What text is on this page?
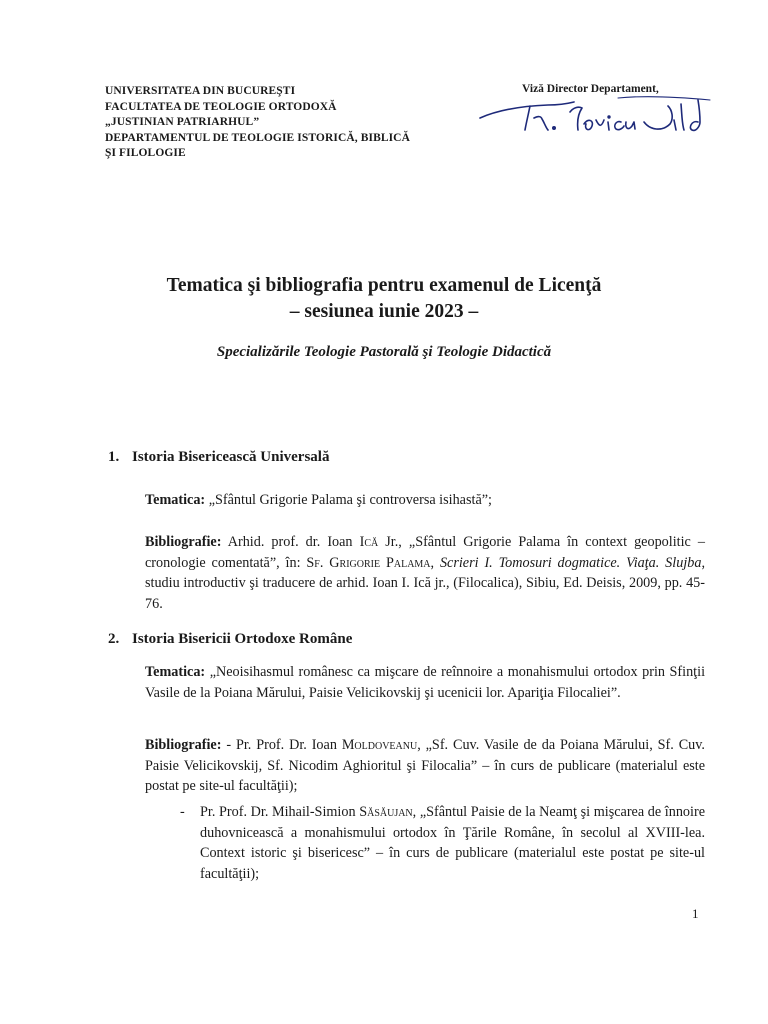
UNIVERSITATEA DIN BUCUREŞTI
FACULTATEA DE TEOLOGIE ORTODOXĂ
„JUSTINIAN PATRIARHUL”
DEPARTAMENTUL DE TEOLOGIE ISTORICĂ, BIBLICĂ
ŞI FILOLOGIE
Viză Director Departament,
Tematica şi bibliografia pentru examenul de Licenţă
– sesiunea iunie 2023 –
Specializările Teologie Pastorală şi Teologie Didactică
1. Istoria Bisericească Universală
Tematica: „Sfântul Grigorie Palama şi controversa isihastă”;
Bibliografie: Arhid. prof. dr. Ioan Ică Jr., „Sfântul Grigorie Palama în context geopolitic – cronologie comentată”, în: Sf. Grigorie Palama, Scrieri I. Tomosuri dogmatice. Viaţa. Slujba, studiu introductiv şi traducere de arhid. Ioan I. Ică jr., (Filocalica), Sibiu, Ed. Deisis, 2009, pp. 45-76.
2. Istoria Bisericii Ortodoxe Române
Tematica: „Neoisihasmul românesc ca mişcare de reînnoire a monahismului ortodox prin Sfinţii Vasile de la Poiana Mărului, Paisie Velicikovskij şi ucenicii lor. Apariţia Filocaliei”.
Bibliografie: - Pr. Prof. Dr. Ioan Moldoveanu, „Sf. Cuv. Vasile de da Poiana Mărului, Sf. Cuv. Paisie Velicikovskij, Sf. Nicodim Aghioritul şi Filocalia” – în curs de publicare (materialul este postat pe site-ul facultăţii);
- Pr. Prof. Dr. Mihail-Simion Săsăujan, „Sfântul Paisie de la Neamţ şi mişcarea de înnoire duhovnicească a monahismului ortodox în Ţările Române, în secolul al XVIII-lea. Context istoric şi bisericesc” – în curs de publicare (materialul este postat pe site-ul facultăţii);
1
